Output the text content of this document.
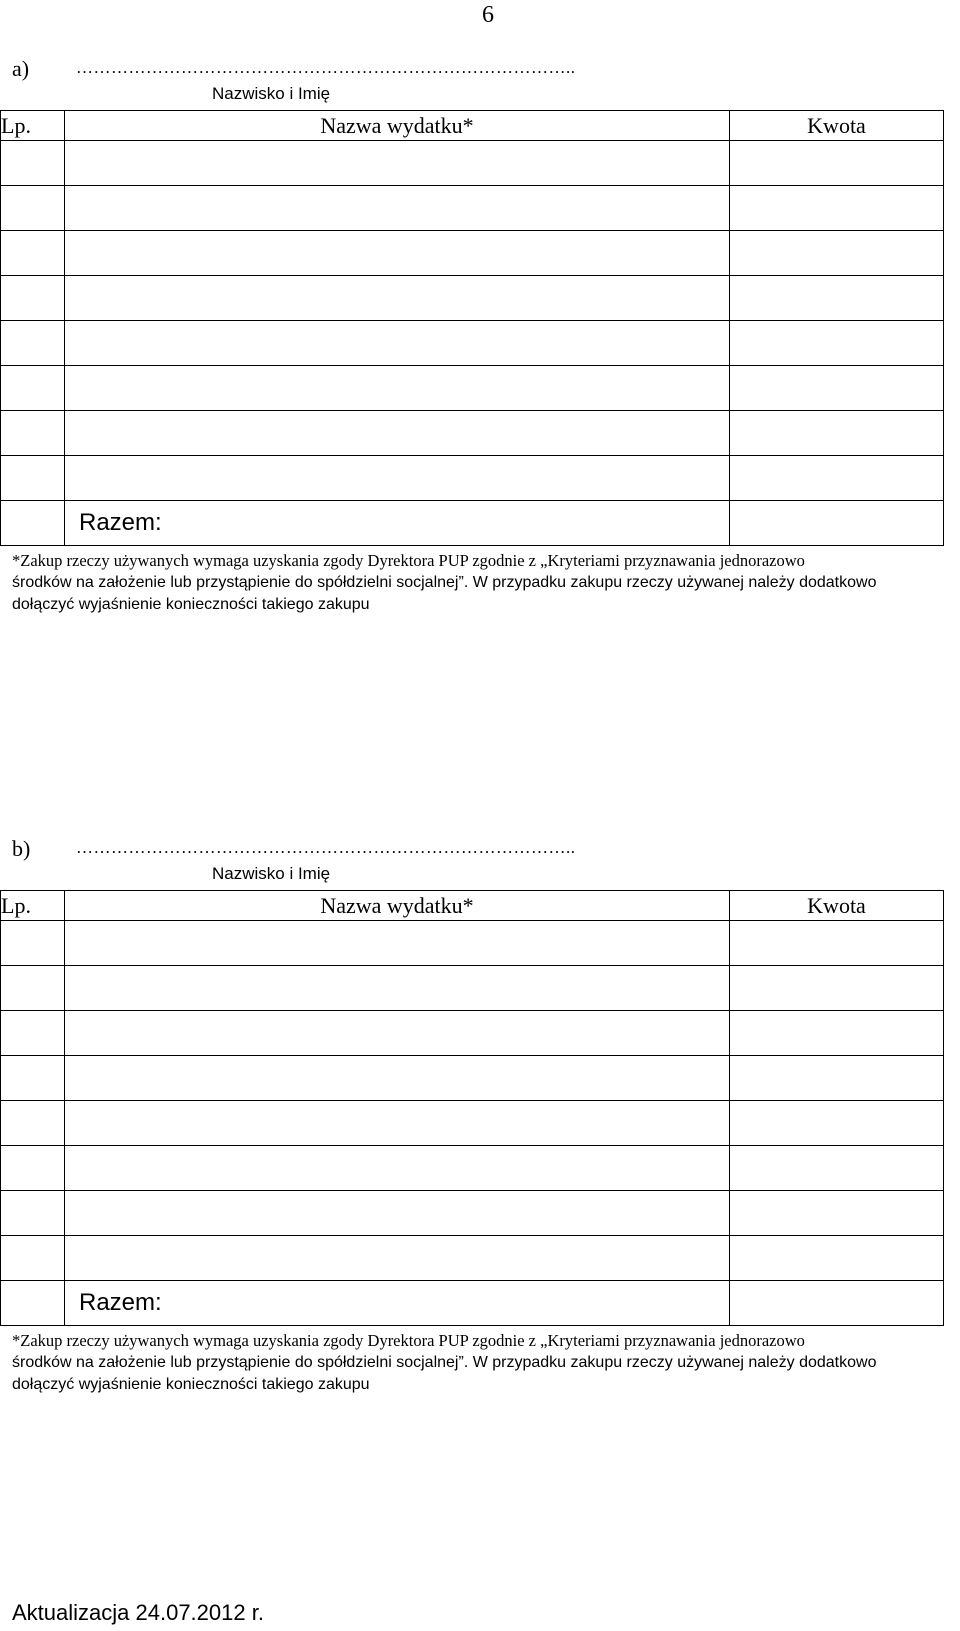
6
a)	…………………………………………………………………………..
Nazwisko i Imię
Lp.	Nazwa wydatku*	Kwota

	Razem:	
*Zakup rzeczy używanych wymaga uzyskania zgody Dyrektora PUP zgodnie z „Kryteriami przyznawania jednorazowo
środków na założenie lub przystąpienie do spółdzielni socjalnej”. W przypadku zakupu rzeczy używanej należy dodatkowo
dołączyć wyjaśnienie konieczności takiego zakupu
b)	…………………………………………………………………………..
Nazwisko i Imię
Lp.	Nazwa wydatku*	Kwota

	Razem:	
*Zakup rzeczy używanych wymaga uzyskania zgody Dyrektora PUP zgodnie z „Kryteriami przyznawania jednorazowo
środków na założenie lub przystąpienie do spółdzielni socjalnej”. W przypadku zakupu rzeczy używanej należy dodatkowo
dołączyć wyjaśnienie konieczności takiego zakupu
Aktualizacja 24.07.2012 r.
